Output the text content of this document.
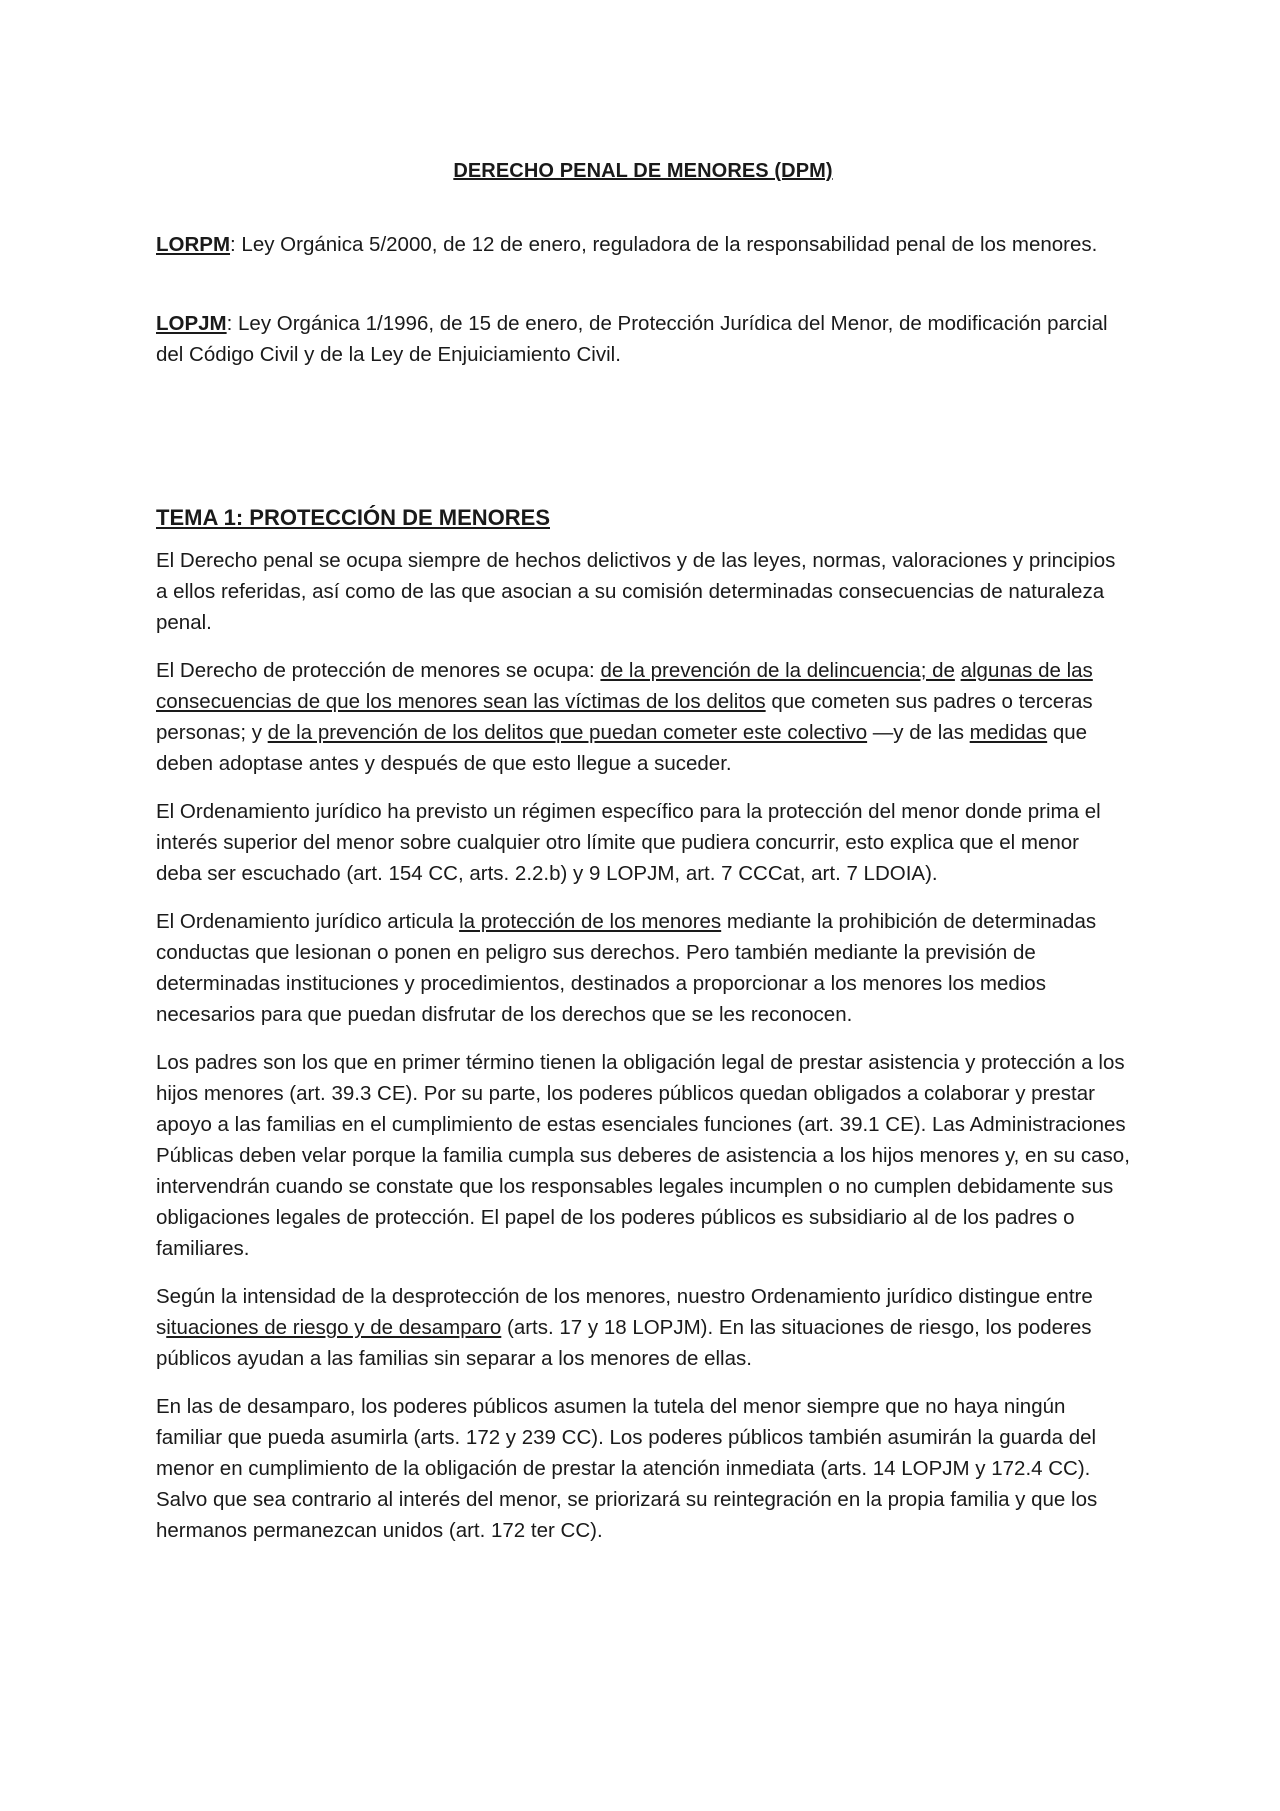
DERECHO PENAL DE MENORES (DPM)

LORPM: Ley Orgánica 5/2000, de 12 de enero, reguladora de la responsabilidad penal de los menores.

LOPJM: Ley Orgánica 1/1996, de 15 de enero, de Protección Jurídica del Menor, de modificación parcial del Código Civil y de la Ley de Enjuiciamiento Civil.

TEMA 1: PROTECCIÓN DE MENORES

El Derecho penal se ocupa siempre de hechos delictivos y de las leyes, normas, valoraciones y principios a ellos referidas, así como de las que asocian a su comisión determinadas consecuencias de naturaleza penal.

El Derecho de protección de menores se ocupa: de la prevención de la delincuencia; de algunas de las consecuencias de que los menores sean las víctimas de los delitos que cometen sus padres o terceras personas; y de la prevención de los delitos que puedan cometer este colectivo —y de las medidas que deben adoptase antes y después de que esto llegue a suceder.

El Ordenamiento jurídico ha previsto un régimen específico para la protección del menor donde prima el interés superior del menor sobre cualquier otro límite que pudiera concurrir, esto explica que el menor deba ser escuchado (art. 154 CC, arts. 2.2.b) y 9 LOPJM, art. 7 CCCat, art. 7 LDOIA).

El Ordenamiento jurídico articula la protección de los menores mediante la prohibición de determinadas conductas que lesionan o ponen en peligro sus derechos. Pero también mediante la previsión de determinadas instituciones y procedimientos, destinados a proporcionar a los menores los medios necesarios para que puedan disfrutar de los derechos que se les reconocen.

Los padres son los que en primer término tienen la obligación legal de prestar asistencia y protección a los hijos menores (art. 39.3 CE). Por su parte, los poderes públicos quedan obligados a colaborar y prestar apoyo a las familias en el cumplimiento de estas esenciales funciones (art. 39.1 CE). Las Administraciones Públicas deben velar porque la familia cumpla sus deberes de asistencia a los hijos menores y, en su caso, intervendrán cuando se constate que los responsables legales incumplen o no cumplen debidamente sus obligaciones legales de protección. El papel de los poderes públicos es subsidiario al de los padres o familiares.

Según la intensidad de la desprotección de los menores, nuestro Ordenamiento jurídico distingue entre situaciones de riesgo y de desamparo (arts. 17 y 18 LOPJM). En las situaciones de riesgo, los poderes públicos ayudan a las familias sin separar a los menores de ellas.

En las de desamparo, los poderes públicos asumen la tutela del menor siempre que no haya ningún familiar que pueda asumirla (arts. 172 y 239 CC). Los poderes públicos también asumirán la guarda del menor en cumplimiento de la obligación de prestar la atención inmediata (arts. 14 LOPJM y 172.4 CC). Salvo que sea contrario al interés del menor, se priorizará su reintegración en la propia familia y que los hermanos permanezcan unidos (art. 172 ter CC).
